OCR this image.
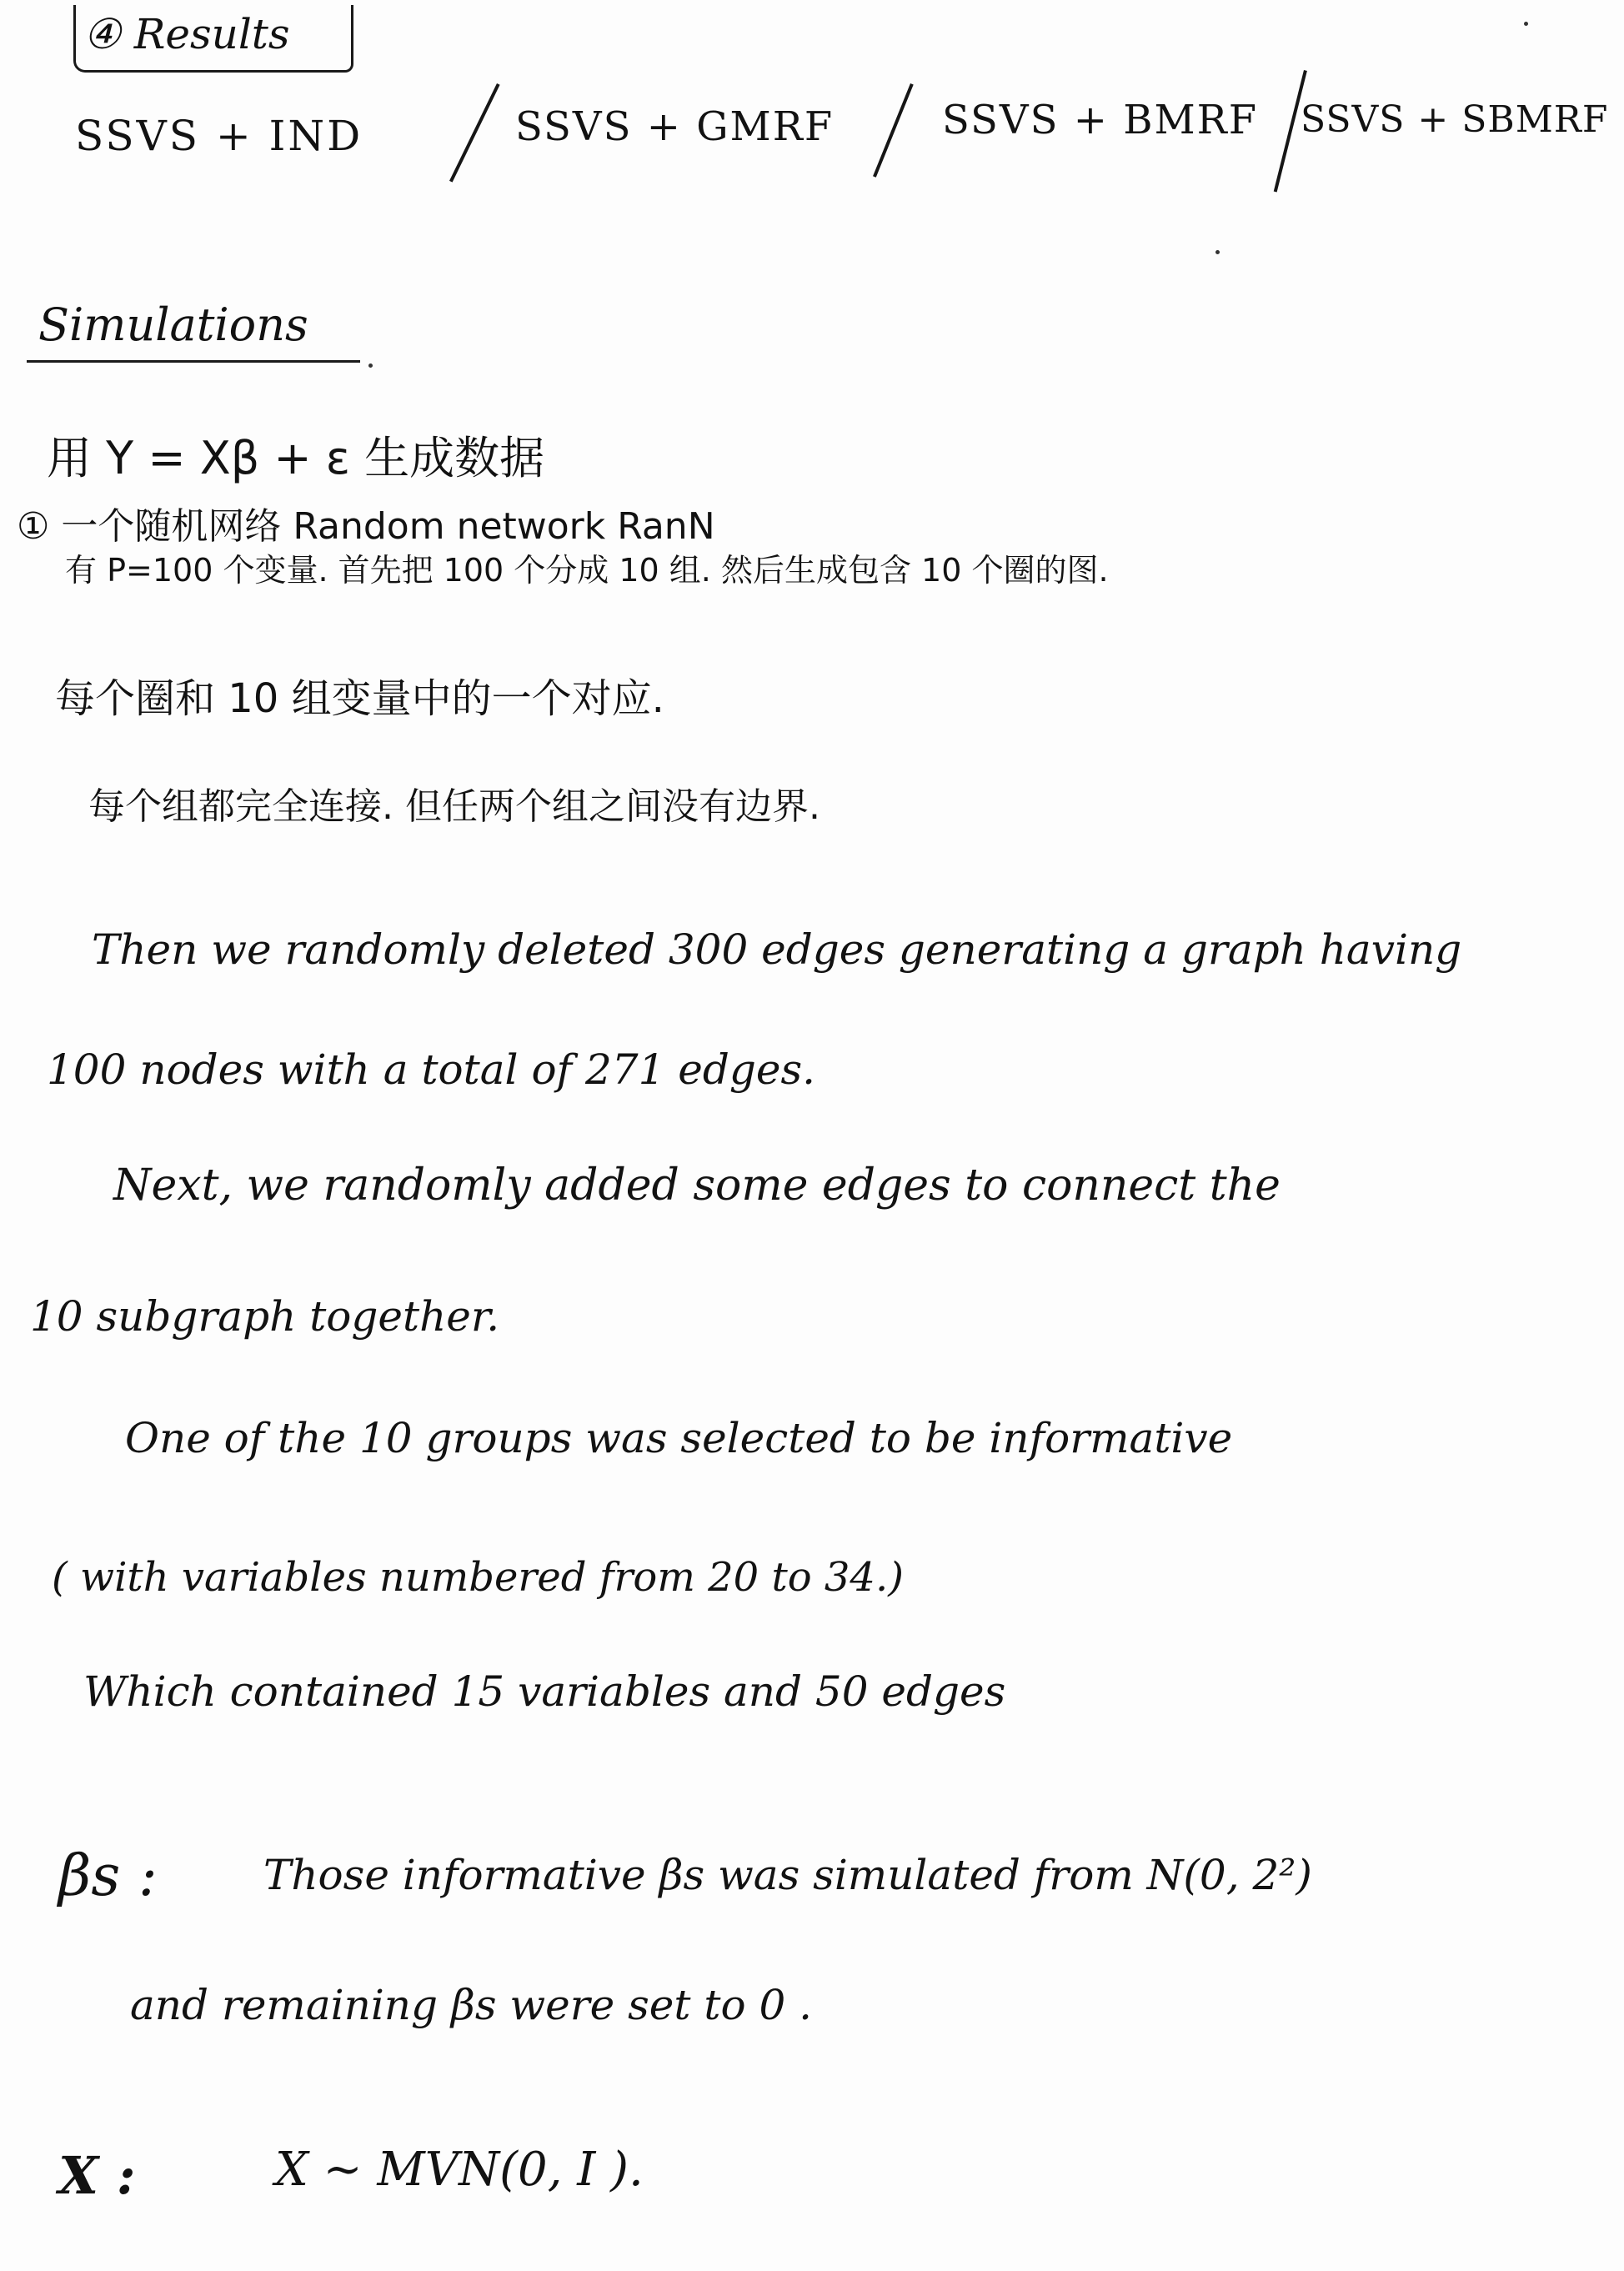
④ Results
SSVS + IND	SSVS + GMRF	SSVS + BMRF SSVS + SBMRF
Simulations
用 Y = Xβ + ε 生成数据
① 一个随机网络 Random network RanN
有 P=100 个变量. 首先把 100 个分成 10 组. 然后生成包含 10 个圈的图.
每个圈和 10 组变量中的一个对应.
每个组都完全连接. 但任两个组之间没有边界.
Then we randomly deleted 300 edges generating a graph having
100 nodes with a total of 271 edges.
Next, we randomly added some edges to connect the
10 subgraph together.
One of the 10 groups was selected to be informative
( with variables numbered from 20 to 34.)
Which contained 15 variables and 50 edges
βs :	Those informative βs was simulated from N(0, 2²)
and remaining βs were set to 0 .
X :	X ~ MVN(0, I ).
